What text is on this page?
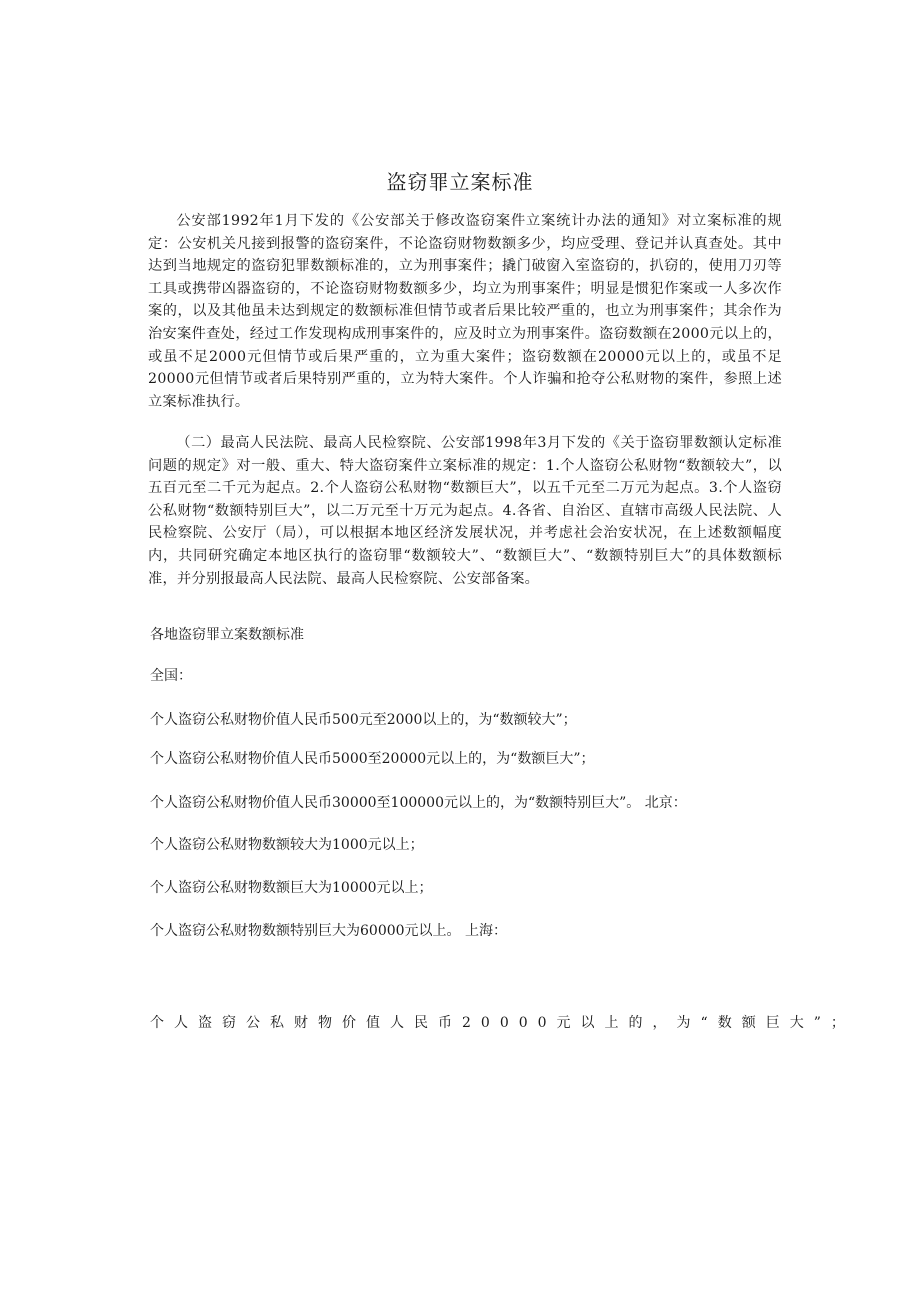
盗窃罪立案标准
公安部1992年1月下发的《公安部关于修改盗窃案件立案统计办法的通知》对立案标准的规定：公安机关凡接到报警的盗窃案件，不论盗窃财物数额多少，均应受理、登记并认真查处。其中达到当地规定的盗窃犯罪数额标准的，立为刑事案件；撬门破窗入室盗窃的，扒窃的，使用刀刃等工具或携带凶器盗窃的，不论盗窃财物数额多少，均立为刑事案件；明显是惯犯作案或一人多次作案的，以及其他虽未达到规定的数额标准但情节或者后果比较严重的，也立为刑事案件；其余作为治安案件查处，经过工作发现构成刑事案件的，应及时立为刑事案件。盗窃数额在2000元以上的，或虽不足2000元但情节或后果严重的，立为重大案件；盗窃数额在20000元以上的，或虽不足20000元但情节或者后果特别严重的，立为特大案件。个人诈骗和抢夺公私财物的案件，参照上述立案标准执行。
（二）最高人民法院、最高人民检察院、公安部1998年3月下发的《关于盗窃罪数额认定标准问题的规定》对一般、重大、特大盗窃案件立案标准的规定：1.个人盗窃公私财物“数额较大”，以五百元至二千元为起点。2.个人盗窃公私财物“数额巨大”，以五千元至二万元为起点。3.个人盗窃公私财物“数额特别巨大”，以二万元至十万元为起点。4.各省、自治区、直辖市高级人民法院、人民检察院、公安厅（局），可以根据本地区经济发展状况，并考虑社会治安状况，在上述数额幅度内，共同研究确定本地区执行的盗窃罪“数额较大”、“数额巨大”、“数额特别巨大”的具体数额标准，并分别报最高人民法院、最高人民检察院、公安部备案。
各地盗窃罪立案数额标准
全国：
个人盗窃公私财物价值人民币500元至2000以上的，为“数额较大”；
个人盗窃公私财物价值人民币5000至20000元以上的，为“数额巨大”；
个人盗窃公私财物价值人民币30000至100000元以上的，为“数额特别巨大”。 北京：
个人盗窃公私财物数额较大为1000元以上；
个人盗窃公私财物数额巨大为10000元以上；
个人盗窃公私财物数额特别巨大为60000元以上。 上海：
个人盗窃公私财物价值人民币20000元以上的，为“数额巨大”；
